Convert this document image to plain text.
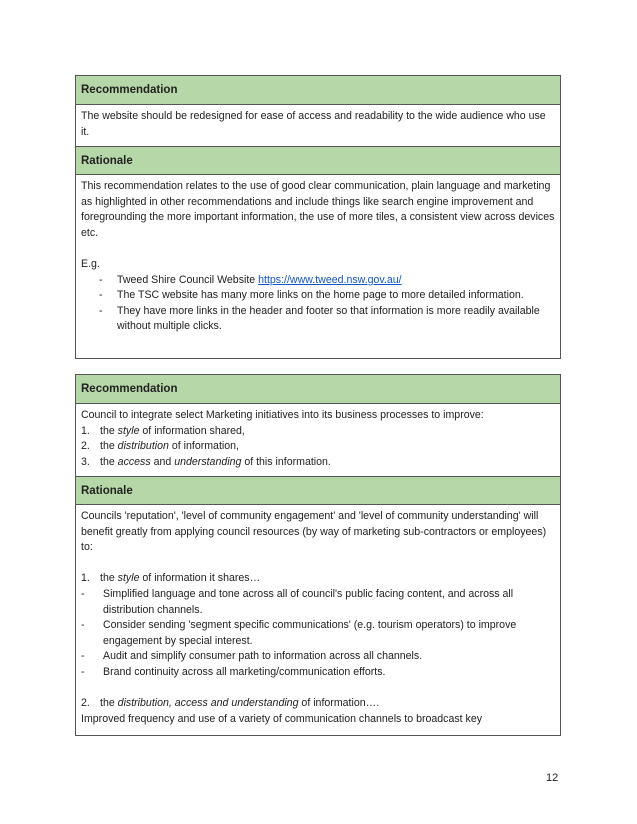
Recommendation

The website should be redesigned for ease of access and readability to the wide audience who use it.

Rationale

This recommendation relates to the use of good clear communication, plain language and marketing as highlighted in other recommendations and include things like search engine improvement and foregrounding the more important information, the use of more tiles, a consistent view across devices etc.

E.g.

-	Tweed Shire Council Website https://www.tweed.nsw.gov.au/
-	The TSC website has many more links on the home page to more detailed information.
-	They have more links in the header and footer so that information is more readily available without multiple clicks.
Recommendation

Council to integrate select Marketing initiatives into its business processes to improve:

1. the style of information shared,
2. the distribution of information,
3. the access and understanding of this information.
Rationale

Councils 'reputation', 'level of community engagement' and 'level of community understanding' will benefit greatly from applying council resources (by way of marketing sub-contractors or employees) to:

1. the style of information it shares…
-	Simplified language and tone across all of council's public facing content, and across all distribution channels.
-	Consider sending 'segment specific communications' (e.g. tourism operators) to improve engagement by special interest.
-	Audit and simplify consumer path to information across all channels.
-	Brand continuity across all marketing/communication efforts.
2. the distribution, access and understanding of information….

Improved frequency and use of a variety of communication channels to broadcast key

12
